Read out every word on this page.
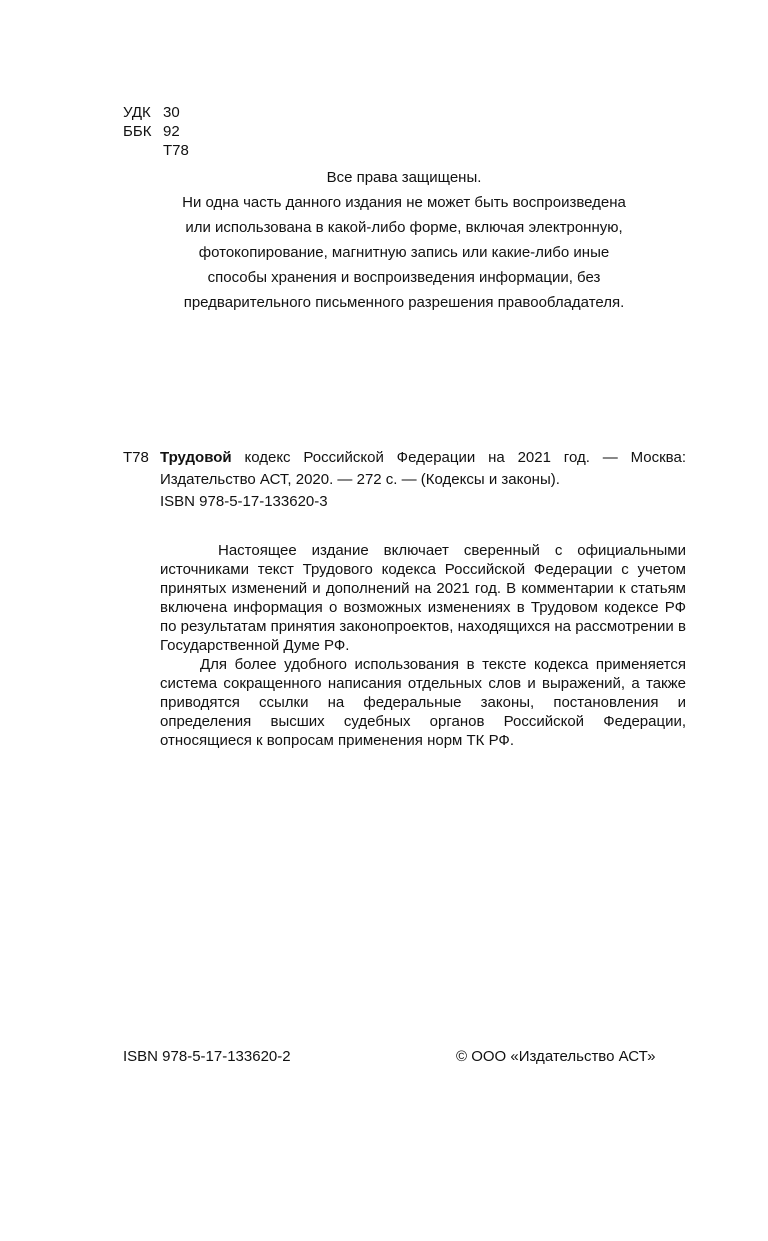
УДК 30
ББК 92
Т78
Все права защищены.
Ни одна часть данного издания не может быть воспроизведена
или использована в какой-либо форме, включая электронную,
фотокопирование, магнитную запись или какие-либо иные
способы хранения и воспроизведения информации, без
предварительного письменного разрешения правообладателя.
Т78 Трудовой кодекс Российской Федерации на 2021 год. — Москва: Издательство АСТ, 2020. — 272 с. — (Кодексы и законы).
ISBN 978-5-17-133620-3

Настоящее издание включает сверенный с официальными источниками текст Трудового кодекса Российской Федерации с учетом принятых изменений и дополнений на 2021 год. В комментарии к статьям включена информация о возможных изменениях в Трудовом кодексе РФ по результатам принятия законопроектов, находящихся на рассмотрении в Государственной Думе РФ.

Для более удобного использования в тексте кодекса применяется система сокращенного написания отдельных слов и выражений, а также приводятся ссылки на федеральные законы, постановления и определения высших судебных органов Российской Федерации, относящиеся к вопросам применения норм ТК РФ.

ISBN 978-5-17-133620-2	© ООО «Издательство АСТ»
